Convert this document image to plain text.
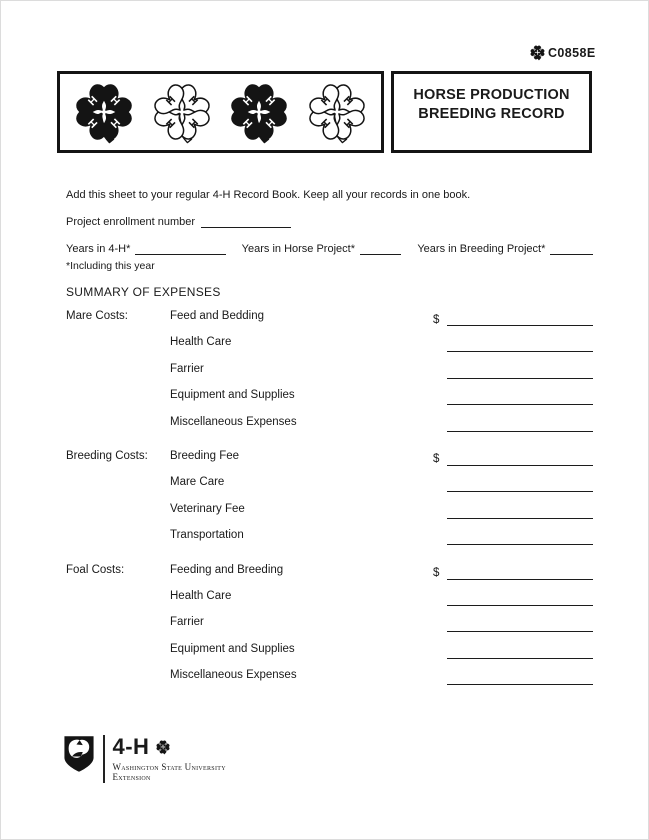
C0858E
HORSE PRODUCTION
BREEDING RECORD

Add this sheet to your regular 4-H Record Book. Keep all your records in one book.

Project enrollment number
Years in 4-H*	Years in Horse Project*	Years in Breeding Project*

*Including this year

SUMMARY OF EXPENSES
Mare Costs:	Feed and Bedding	$
Health Care
Farrier
Equipment and Supplies
Miscellaneous Expenses
Breeding Costs:	Breeding Fee	$
Mare Care
Veterinary Fee
Transportation
Foal Costs:	Feeding and Breeding	$
Health Care
Farrier
Equipment and Supplies
Miscellaneous Expenses
4-H
Washington State University
Extension
